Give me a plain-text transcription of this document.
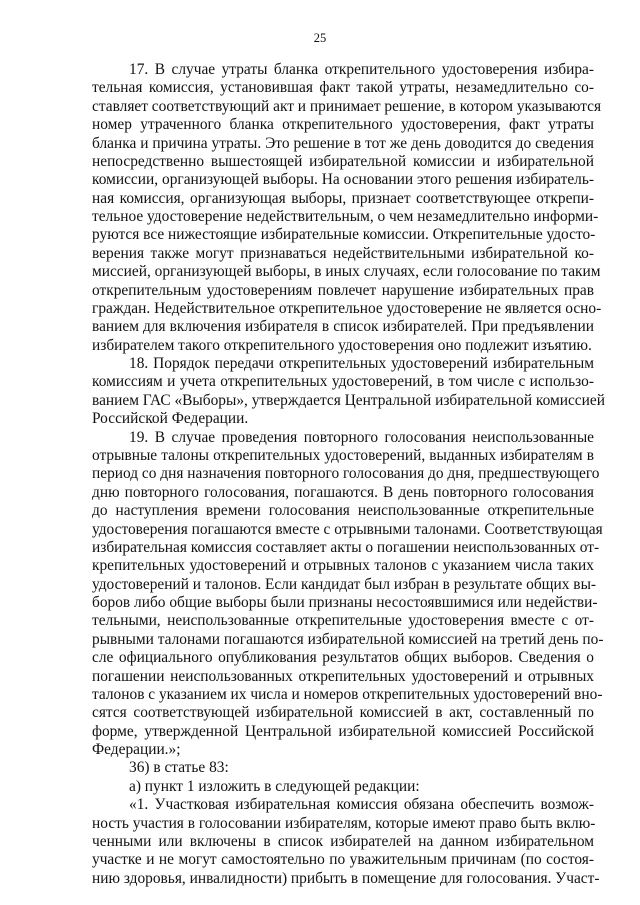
25
17. В случае утраты бланка открепительного удостоверения избира-
тельная комиссия, установившая факт такой утраты, незамедлительно со-
ставляет соответствующий акт и принимает решение, в котором указываются
номер утраченного бланка открепительного удостоверения, факт утраты
бланка и причина утраты. Это решение в тот же день доводится до сведения
непосредственно вышестоящей избирательной комиссии и избирательной
комиссии, организующей выборы. На основании этого решения избиратель-
ная комиссия, организующая выборы, признает соответствующее открепи-
тельное удостоверение недействительным, о чем незамедлительно информи-
руются все нижестоящие избирательные комиссии. Открепительные удосто-
верения также могут признаваться недействительными избирательной ко-
миссией, организующей выборы, в иных случаях, если голосование по таким
открепительным удостоверениям повлечет нарушение избирательных прав
граждан. Недействительное открепительное удостоверение не является осно-
ванием для включения избирателя в список избирателей. При предъявлении
избирателем такого открепительного удостоверения оно подлежит изъятию.
18. Порядок передачи открепительных удостоверений избирательным
комиссиям и учета открепительных удостоверений, в том числе с использо-
ванием ГАС «Выборы», утверждается Центральной избирательной комиссией
Российской Федерации.
19. В случае проведения повторного голосования неиспользованные
отрывные талоны открепительных удостоверений, выданных избирателям в
период со дня назначения повторного голосования до дня, предшествующего
дню повторного голосования, погашаются. В день повторного голосования
до наступления времени голосования неиспользованные открепительные
удостоверения погашаются вместе с отрывными талонами. Соответствующая
избирательная комиссия составляет акты о погашении неиспользованных от-
крепительных удостоверений и отрывных талонов с указанием числа таких
удостоверений и талонов. Если кандидат был избран в результате общих вы-
боров либо общие выборы были признаны несостоявшимися или недействи-
тельными, неиспользованные открепительные удостоверения вместе с от-
рывными талонами погашаются избирательной комиссией на третий день по-
сле официального опубликования результатов общих выборов. Сведения о
погашении неиспользованных открепительных удостоверений и отрывных
талонов с указанием их числа и номеров открепительных удостоверений вно-
сятся соответствующей избирательной комиссией в акт, составленный по
форме, утвержденной Центральной избирательной комиссией Российской
Федерации.»;
36) в статье 83:
а) пункт 1 изложить в следующей редакции:
«1. Участковая избирательная комиссия обязана обеспечить возмож-
ность участия в голосовании избирателям, которые имеют право быть вклю-
ченными или включены в список избирателей на данном избирательном
участке и не могут самостоятельно по уважительным причинам (по состоя-
нию здоровья, инвалидности) прибыть в помещение для голосования. Участ-
